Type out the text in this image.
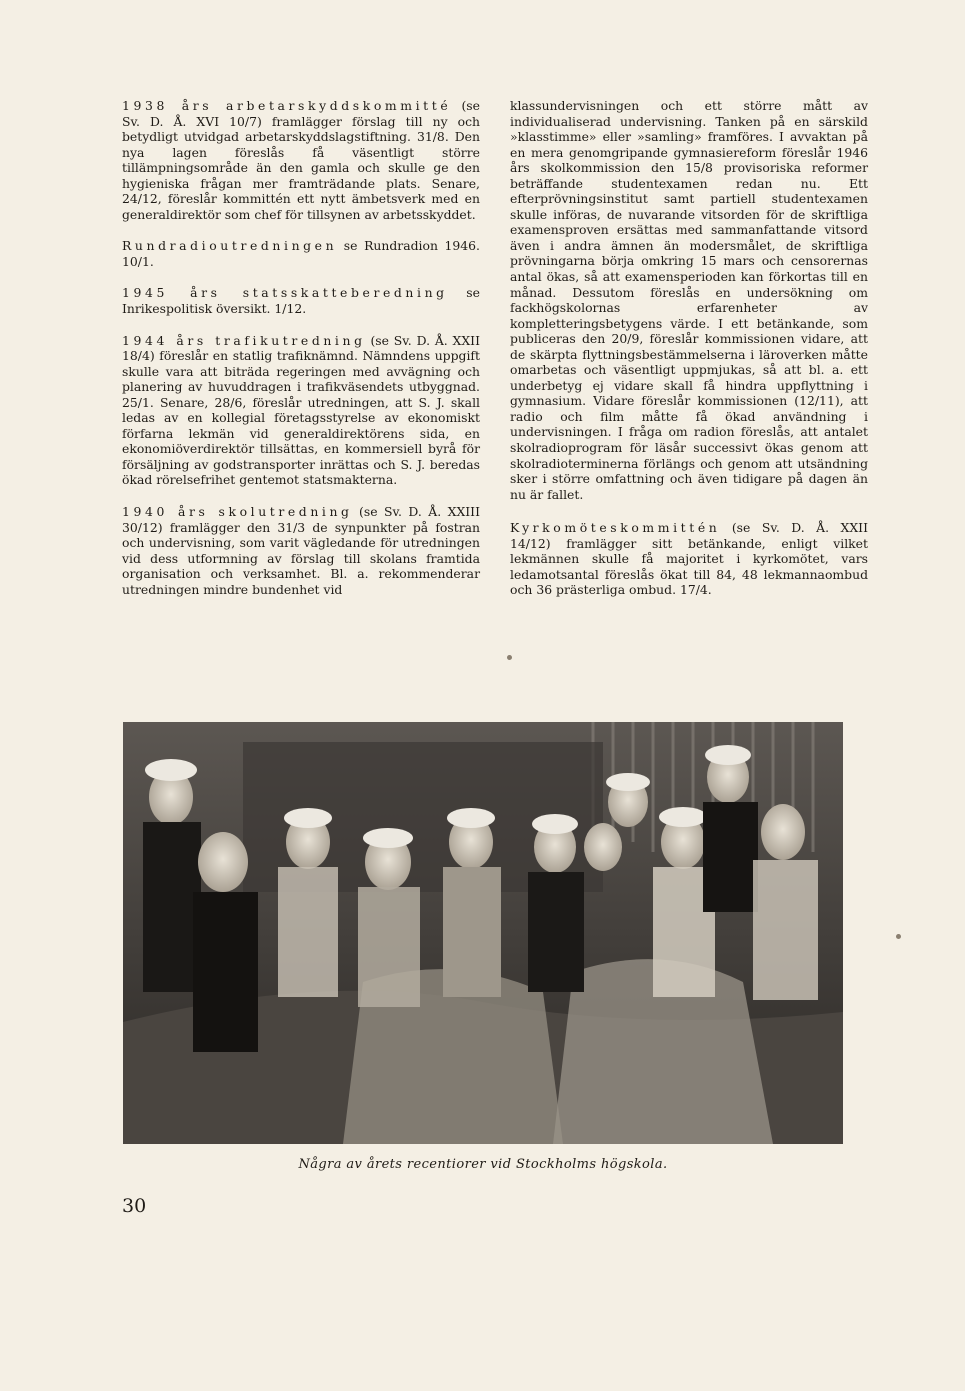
1938 års arbetarskyddskommitté (se Sv. D. Å. XVI 10/7) framlägger förslag till ny och betydligt utvidgad arbetarskyddslagstiftning. 31/8. Den nya lagen föreslås få väsentligt större tillämpningsområde än den gamla och skulle ge den hygieniska frågan mer framträdande plats. Senare, 24/12, föreslår kommittén ett nytt ämbetsverk med en generaldirektör som chef för tillsynen av arbetsskyddet.

Rundradioutredningen se Rundradion 1946. 10/1.

1945 års statsskatteberedning se Inrikespolitisk översikt. 1/12.

1944 års trafikutredning (se Sv. D. Å. XXII 18/4) föreslår en statlig trafiknämnd. Nämndens uppgift skulle vara att biträda regeringen med avvägning och planering av huvuddragen i trafikväsendets utbyggnad. 25/1. Senare, 28/6, föreslår utredningen, att S. J. skall ledas av en kollegial företagsstyrelse av ekonomiskt förfarna lekmän vid generaldirektörens sida, en ekonomiöverdirektör tillsättas, en kommersiell byrå för försäljning av godstransporter inrättas och S. J. beredas ökad rörelsefrihet gentemot statsmakterna.

1940 års skolutredning (se Sv. D. Å. XXIII 30/12) framlägger den 31/3 de synpunkter på fostran och undervisning, som varit vägledande för utredningen vid dess utformning av förslag till skolans framtida organisation och verksamhet. Bl. a. rekommenderar utredningen mindre bundenhet vid

klassundervisningen och ett större mått av individualiserad undervisning. Tanken på en särskild »klasstimme» eller »samling» framföres. I avvaktan på en mera genomgripande gymnasiereform föreslår 1946 års skolkommission den 15/8 provisoriska reformer beträffande studentexamen redan nu. Ett efterprövningsinstitut samt partiell studentexamen skulle införas, de nuvarande vitsorden för de skriftliga examensproven ersättas med sammanfattande vitsord även i andra ämnen än modersmålet, de skriftliga prövningarna börja omkring 15 mars och censorernas antal ökas, så att examensperioden kan förkortas till en månad. Dessutom föreslås en undersökning om fackhögskolornas erfarenheter av kompletteringsbetygens värde. I ett betänkande, som publiceras den 20/9, föreslår kommissionen vidare, att de skärpta flyttningsbestämmelserna i läroverken måtte omarbetas och väsentligt uppmjukas, så att bl. a. ett underbetyg ej vidare skall få hindra uppflyttning i gymnasium. Vidare föreslår kommissionen (12/11), att radio och film måtte få ökad användning i undervisningen. I fråga om radion föreslås, att antalet skolradioprogram för läsår successivt ökas genom att skolradioterminerna förlängs och genom att utsändning sker i större omfattning och även tidigare på dagen än nu är fallet.

Kyrkomöteskommittén (se Sv. D. Å. XXII 14/12) framlägger sitt betänkande, enligt vilket lekmännen skulle få majoritet i kyrkomötet, vars ledamotsantal föreslås ökat till 84, 48 lekmannaombud och 36 prästerliga ombud. 17/4.

Några av årets recentiorer vid Stockholms högskola.
30
